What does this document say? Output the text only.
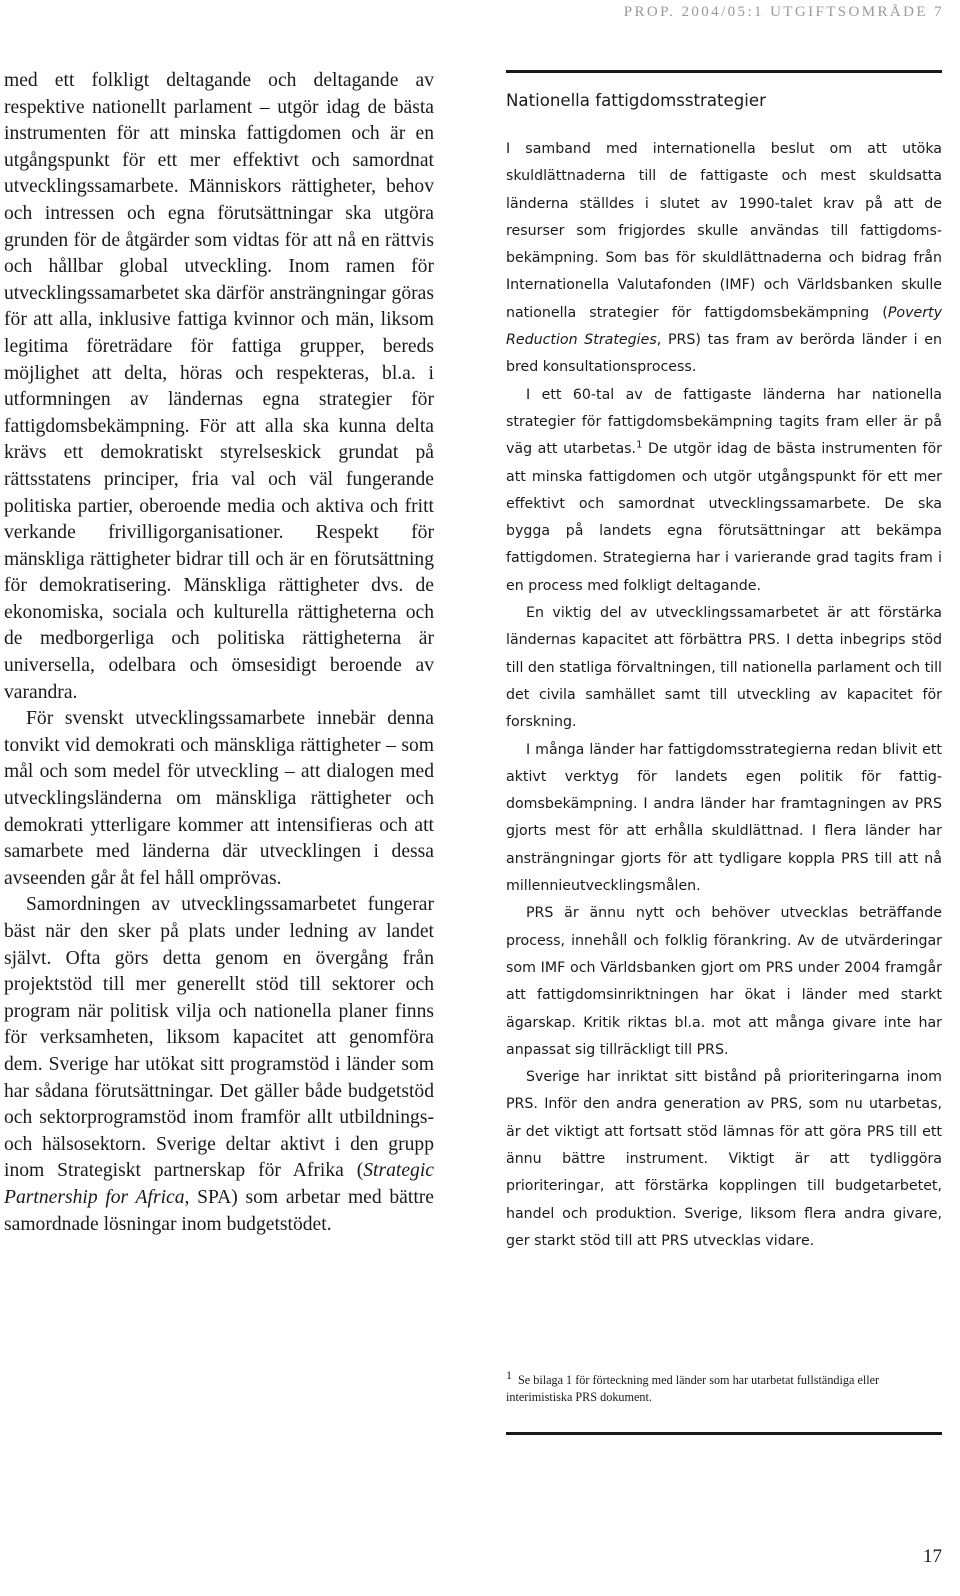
PROP. 2004/05:1 UTGIFTSOMRÅDE 7

med ett folkligt deltagande och deltagande av respektive nationellt parlament – utgör idag de bästa instrumenten för att minska fattigdomen och är en utgångspunkt för ett mer effektivt och samordnat utvecklingssamarbete. Människors rättigheter, behov och intressen och egna förutsättningar ska utgöra grunden för de åtgärder som vidtas för att nå en rättvis och hållbar global utveckling. Inom ramen för utvecklingssamarbetet ska därför ansträngningar göras för att alla, inklusive fattiga kvinnor och män, liksom legitima företrädare för fattiga grupper, bereds möjlighet att delta, höras och respekteras, bl.a. i utformningen av ländernas egna strategier för fattigdomsbekämpning. För att alla ska kunna delta krävs ett demokratiskt styrelseskick grundat på rättsstatens principer, fria val och väl fungerande politiska partier, oberoende media och aktiva och fritt verkande frivilligorganisationer. Respekt för mänskliga rättigheter bidrar till och är en förutsättning för demokratisering. Mänskliga rättigheter dvs. de ekonomiska, sociala och kulturella rättigheterna och de medborgerliga och politiska rättigheterna är universella, odelbara och ömsesidigt beroende av varandra.

För svenskt utvecklingssamarbete innebär denna tonvikt vid demokrati och mänskliga rättigheter – som mål och som medel för utveckling – att dialogen med utvecklingsländerna om mänskliga rättigheter och demokrati ytterligare kommer att intensifieras och att samarbete med länderna där utvecklingen i dessa avseenden går åt fel håll omprövas.

Samordningen av utvecklingssamarbetet fungerar bäst när den sker på plats under ledning av landet självt. Ofta görs detta genom en övergång från projektstöd till mer generellt stöd till sektorer och program när politisk vilja och nationella planer finns för verksamheten, liksom kapacitet att genomföra dem. Sverige har utökat sitt programstöd i länder som har sådana förutsättningar. Det gäller både budgetstöd och sektorprogramstöd inom framför allt utbildnings- och hälsosektorn. Sverige deltar aktivt i den grupp inom Strategiskt partnerskap för Afrika (Strategic Partnership for Africa, SPA) som arbetar med bättre samordnade lösningar inom budgetstödet.

Nationella fattigdomsstrategier

I samband med internationella beslut om att utöka skuldlättnaderna till de fattigaste och mest skuldsatta länderna ställdes i slutet av 1990-talet krav på att de resurser som frigjordes skulle användas till fattigdomsbekämpning. Som bas för skuldlättnaderna och bidrag från Internationella Valutafonden (IMF) och Världsbanken skulle nationella strategier för fattigdomsbekämpning (Poverty Reduction Strategies, PRS) tas fram av berörda länder i en bred konsultationsprocess.

I ett 60-tal av de fattigaste länderna har nationella strategier för fattigdomsbekämpning tagits fram eller är på väg att utarbetas.$^1$ De utgör idag de bästa instrumenten för att minska fattigdomen och utgör utgångspunkt för ett mer effektivt och samordnat utvecklingssamarbete. De ska bygga på landets egna förutsättningar att bekämpa fattigdomen. Strategierna har i varierande grad tagits fram i en process med folkligt deltagande.

En viktig del av utvecklingssamarbetet är att förstärka ländernas kapacitet att förbättra PRS. I detta inbegrips stöd till den statliga förvaltningen, till nationella parlament och till det civila samhället samt till utveckling av kapacitet för forskning.

I många länder har fattigdomsstrategierna redan blivit ett aktivt verktyg för landets egen politik för fattigdomsbekämpning. I andra länder har framtagningen av PRS gjorts mest för att erhålla skuldlättnad. I flera länder har ansträngningar gjorts för att tydligare koppla PRS till att nå millennieutvecklingsmålen.

PRS är ännu nytt och behöver utvecklas beträffande process, innehåll och folklig förankring. Av de utvärderingar som IMF och Världsbanken gjort om PRS under 2004 framgår att fattigdomsinriktningen har ökat i länder med starkt ägarskap. Kritik riktas bl.a. mot att många givare inte har anpassat sig tillräckligt till PRS.

Sverige har inriktat sitt bistånd på prioriteringarna inom PRS. Inför den andra generation av PRS, som nu utarbetas, är det viktigt att fortsatt stöd lämnas för att göra PRS till ett ännu bättre instrument. Viktigt är att tydliggöra prioriteringar, att förstärka kopplingen till budgetarbetet, handel och produktion. Sverige, liksom flera andra givare, ger starkt stöd till att PRS utvecklas vidare.

1 Se bilaga 1 för förteckning med länder som har utarbetat fullständiga eller interimistiska PRS dokument.
17
